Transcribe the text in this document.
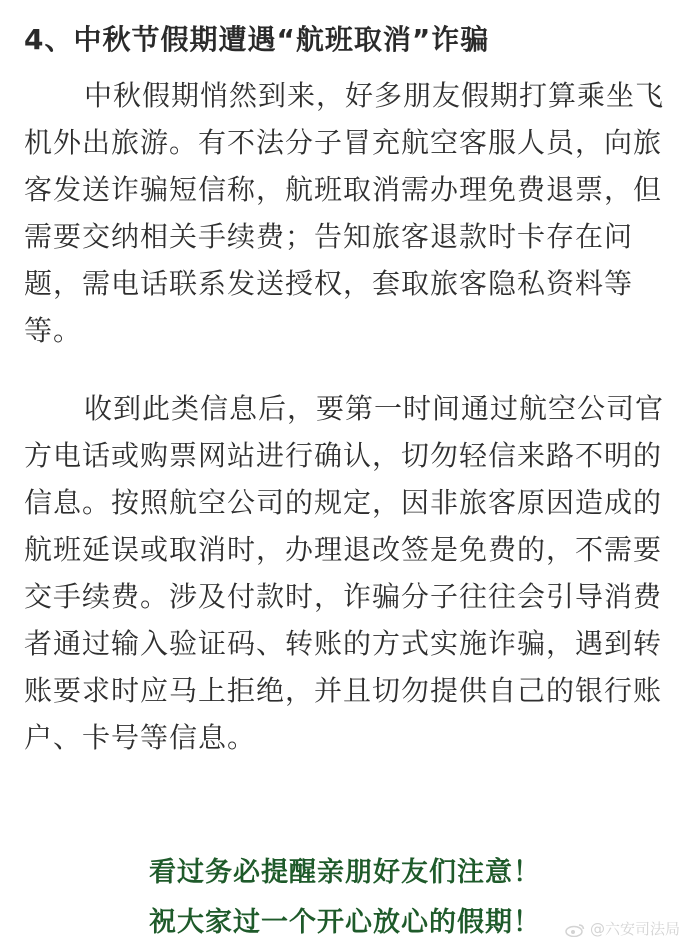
4、中秋节假期遭遇“航班取消”诈骗
中秋假期悄然到来，好多朋友假期打算乘坐飞机外出旅游。有不法分子冒充航空客服人员，向旅客发送诈骗短信称，航班取消需办理免费退票，但需要交纳相关手续费；告知旅客退款时卡存在问题，需电话联系发送授权，套取旅客隐私资料等等。
收到此类信息后，要第一时间通过航空公司官方电话或购票网站进行确认，切勿轻信来路不明的信息。按照航空公司的规定，因非旅客原因造成的航班延误或取消时，办理退改签是免费的，不需要交手续费。涉及付款时，诈骗分子往往会引导消费者通过输入验证码、转账的方式实施诈骗，遇到转账要求时应马上拒绝，并且切勿提供自己的银行账户、卡号等信息。
看过务必提醒亲朋好友们注意！
祝大家过一个开心放心的假期！	@六安司法局
